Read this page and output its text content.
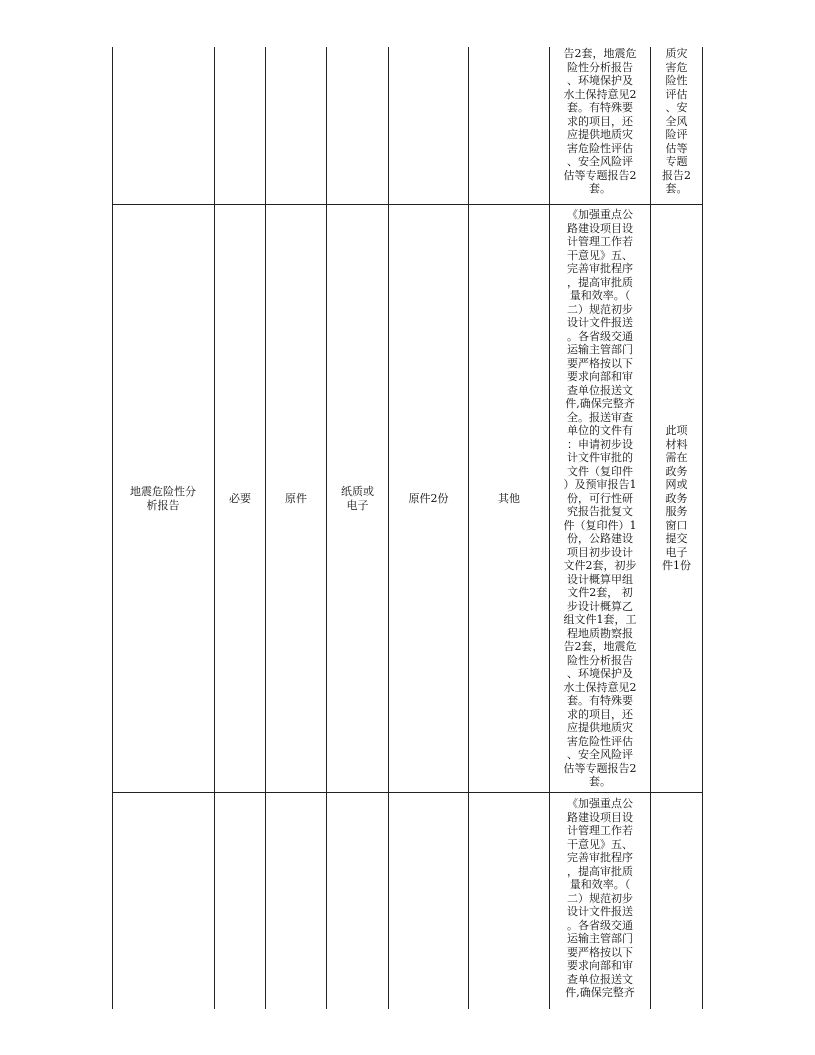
告2套，地震危
险性分析报告
、环境保护及
水土保持意见2
套。有特殊要
求的项目，还
应提供地质灾
害危险性评估
、安全风险评
估等专题报告2
套。
质灾
害危
险性
评估
、安
全风
险评
估等
专题
报告2
套。
地震危险性分
析报告
必要	原件
纸质或
电子
原件2份	其他
《加强重点公
路建设项目设
计管理工作若
干意见》五、
完善审批程序
，提高审批质
量和效率。（
二）规范初步
设计文件报送
。各省级交通
运输主管部门
要严格按以下
要求向部和审
查单位报送文
件,确保完整齐
全。报送审查
单位的文件有
：申请初步设
计文件审批的
文件（复印件
）及预审报告1
份，可行性研
究报告批复文
件（复印件）1
份，公路建设
项目初步设计
文件2套，初步
设计概算甲组
文件2套， 初
步设计概算乙
组文件1套，工
程地质勘察报
告2套，地震危
险性分析报告
、环境保护及
水土保持意见2
套。有特殊要
求的项目，还
应提供地质灾
害危险性评估
、安全风险评
估等专题报告2
套。
此项
材料
需在
政务
网或
政务
服务
窗口
提交
电子
件1份
《加强重点公
路建设项目设
计管理工作若
干意见》五、
完善审批程序
，提高审批质
量和效率。（
二）规范初步
设计文件报送
。各省级交通
运输主管部门
要严格按以下
要求向部和审
查单位报送文
件,确保完整齐
